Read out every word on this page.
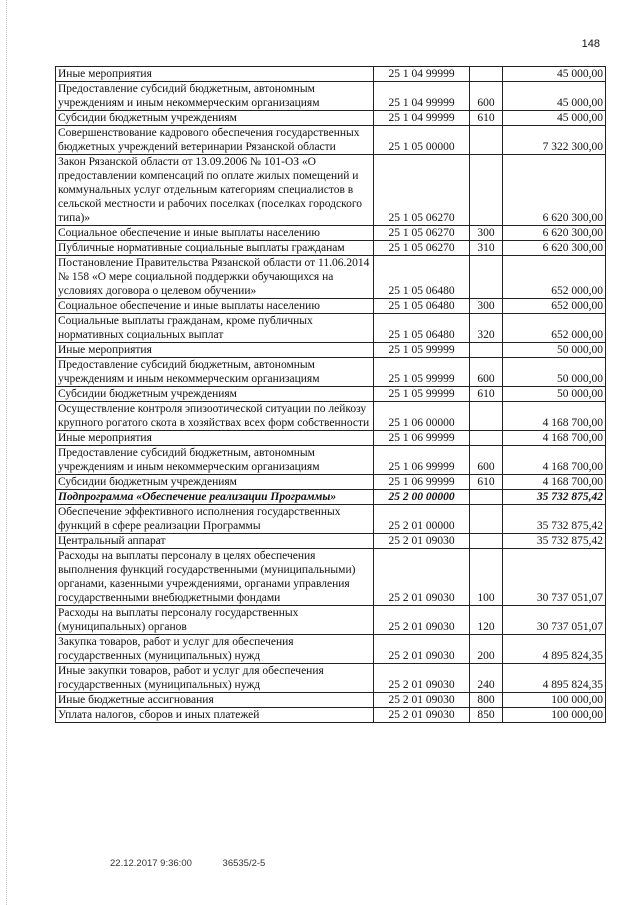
148
Иные мероприятия	25 1 04 99999		45 000,00
Предоставление субсидий бюджетным, автономным учреждениям и иным некоммерческим организациям	25 1 04 99999	600	45 000,00
Субсидии бюджетным учреждениям	25 1 04 99999	610	45 000,00
Совершенствование кадрового обеспечения государственных бюджетных учреждений ветеринарии Рязанской области	25 1 05 00000		7 322 300,00
Закон Рязанской области от 13.09.2006 № 101-ОЗ «О предоставлении компенсаций по оплате жилых помещений и коммунальных услуг отдельным категориям специалистов в сельской местности и рабочих поселках (поселках городского типа)»	25 1 05 06270		6 620 300,00
Социальное обеспечение и иные выплаты населению	25 1 05 06270	300	6 620 300,00
Публичные нормативные социальные выплаты гражданам	25 1 05 06270	310	6 620 300,00
Постановление Правительства Рязанской области от 11.06.2014 № 158 «О мере социальной поддержки обучающихся на условиях договора о целевом обучении»	25 1 05 06480		652 000,00
Социальное обеспечение и иные выплаты населению	25 1 05 06480	300	652 000,00
Социальные выплаты гражданам, кроме публичных нормативных социальных выплат	25 1 05 06480	320	652 000,00
Иные мероприятия	25 1 05 99999		50 000,00
Предоставление субсидий бюджетным, автономным учреждениям и иным некоммерческим организациям	25 1 05 99999	600	50 000,00
Субсидии бюджетным учреждениям	25 1 05 99999	610	50 000,00
Осуществление контроля эпизоотической ситуации по лейкозу крупного рогатого скота в хозяйствах всех форм собственности	25 1 06 00000		4 168 700,00
Иные мероприятия	25 1 06 99999		4 168 700,00
Предоставление субсидий бюджетным, автономным учреждениям и иным некоммерческим организациям	25 1 06 99999	600	4 168 700,00
Субсидии бюджетным учреждениям	25 1 06 99999	610	4 168 700,00
Подпрограмма «Обеспечение реализации Программы»	25 2 00 00000		35 732 875,42
Обеспечение эффективного исполнения государственных функций в сфере реализации Программы	25 2 01 00000		35 732 875,42
Центральный аппарат	25 2 01 09030		35 732 875,42
Расходы на выплаты персоналу в целях обеспечения выполнения функций государственными (муниципальными) органами, казенными учреждениями, органами управления государственными внебюджетными фондами	25 2 01 09030	100	30 737 051,07
Расходы на выплаты персоналу государственных (муниципальных) органов	25 2 01 09030	120	30 737 051,07
Закупка товаров, работ и услуг для обеспечения государственных (муниципальных) нужд	25 2 01 09030	200	4 895 824,35
Иные закупки товаров, работ и услуг для обеспечения государственных (муниципальных) нужд	25 2 01 09030	240	4 895 824,35
Иные бюджетные ассигнования	25 2 01 09030	800	100 000,00
Уплата налогов, сборов и иных платежей	25 2 01 09030	850	100 000,00
22.12.2017 9:36:00	36535/2-5
